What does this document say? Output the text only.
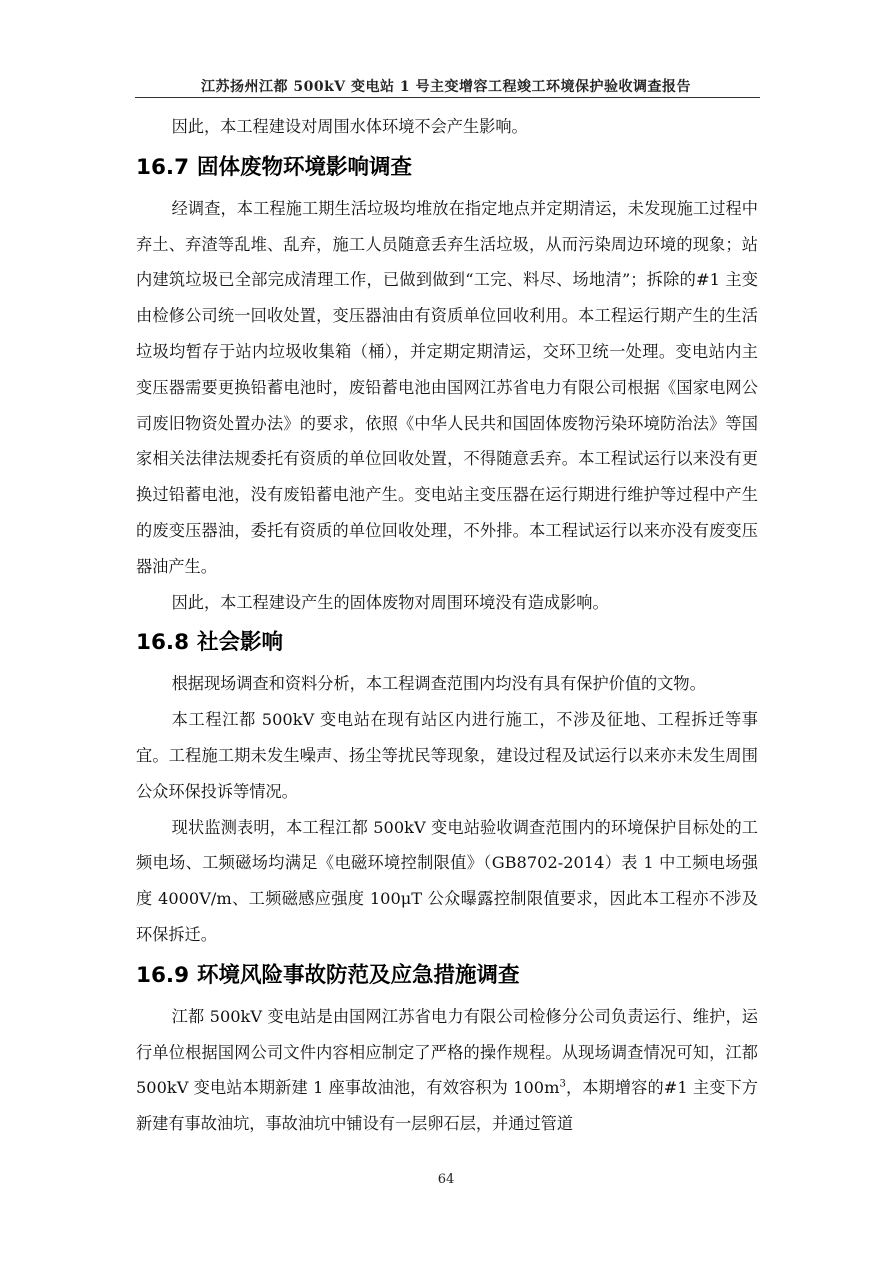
江苏扬州江都 500kV 变电站 1 号主变增容工程竣工环境保护验收调查报告

因此，本工程建设对周围水体环境不会产生影响。

16.7 固体废物环境影响调查

经调查，本工程施工期生活垃圾均堆放在指定地点并定期清运，未发现施工过程中弃土、弃渣等乱堆、乱弃，施工人员随意丢弃生活垃圾，从而污染周边环境的现象；站内建筑垃圾已全部完成清理工作，已做到做到“工完、料尽、场地清”；拆除的#1 主变由检修公司统一回收处置，变压器油由有资质单位回收利用。本工程运行期产生的生活垃圾均暂存于站内垃圾收集箱（桶），并定期定期清运，交环卫统一处理。变电站内主变压器需要更换铅蓄电池时，废铅蓄电池由国网江苏省电力有限公司根据《国家电网公司废旧物资处置办法》的要求，依照《中华人民共和国固体废物污染环境防治法》等国家相关法律法规委托有资质的单位回收处置，不得随意丢弃。本工程试运行以来没有更换过铅蓄电池，没有废铅蓄电池产生。变电站主变压器在运行期进行维护等过程中产生的废变压器油，委托有资质的单位回收处理，不外排。本工程试运行以来亦没有废变压器油产生。

因此，本工程建设产生的固体废物对周围环境没有造成影响。

16.8 社会影响

根据现场调查和资料分析，本工程调查范围内均没有具有保护价值的文物。

本工程江都 500kV 变电站在现有站区内进行施工，不涉及征地、工程拆迁等事宜。工程施工期未发生噪声、扬尘等扰民等现象，建设过程及试运行以来亦未发生周围公众环保投诉等情况。

现状监测表明，本工程江都 500kV 变电站验收调查范围内的环境保护目标处的工频电场、工频磁场均满足《电磁环境控制限值》（GB8702-2014）表 1 中工频电场强度 4000V/m、工频磁感应强度 100μT 公众曝露控制限值要求，因此本工程亦不涉及环保拆迁。

16.9 环境风险事故防范及应急措施调查

江都 500kV 变电站是由国网江苏省电力有限公司检修分公司负责运行、维护，运行单位根据国网公司文件内容相应制定了严格的操作规程。从现场调查情况可知，江都 500kV 变电站本期新建 1 座事故油池，有效容积为 $100m^3$，本期增容的#1 主变下方新建有事故油坑，事故油坑中铺设有一层卵石层，并通过管道

64
